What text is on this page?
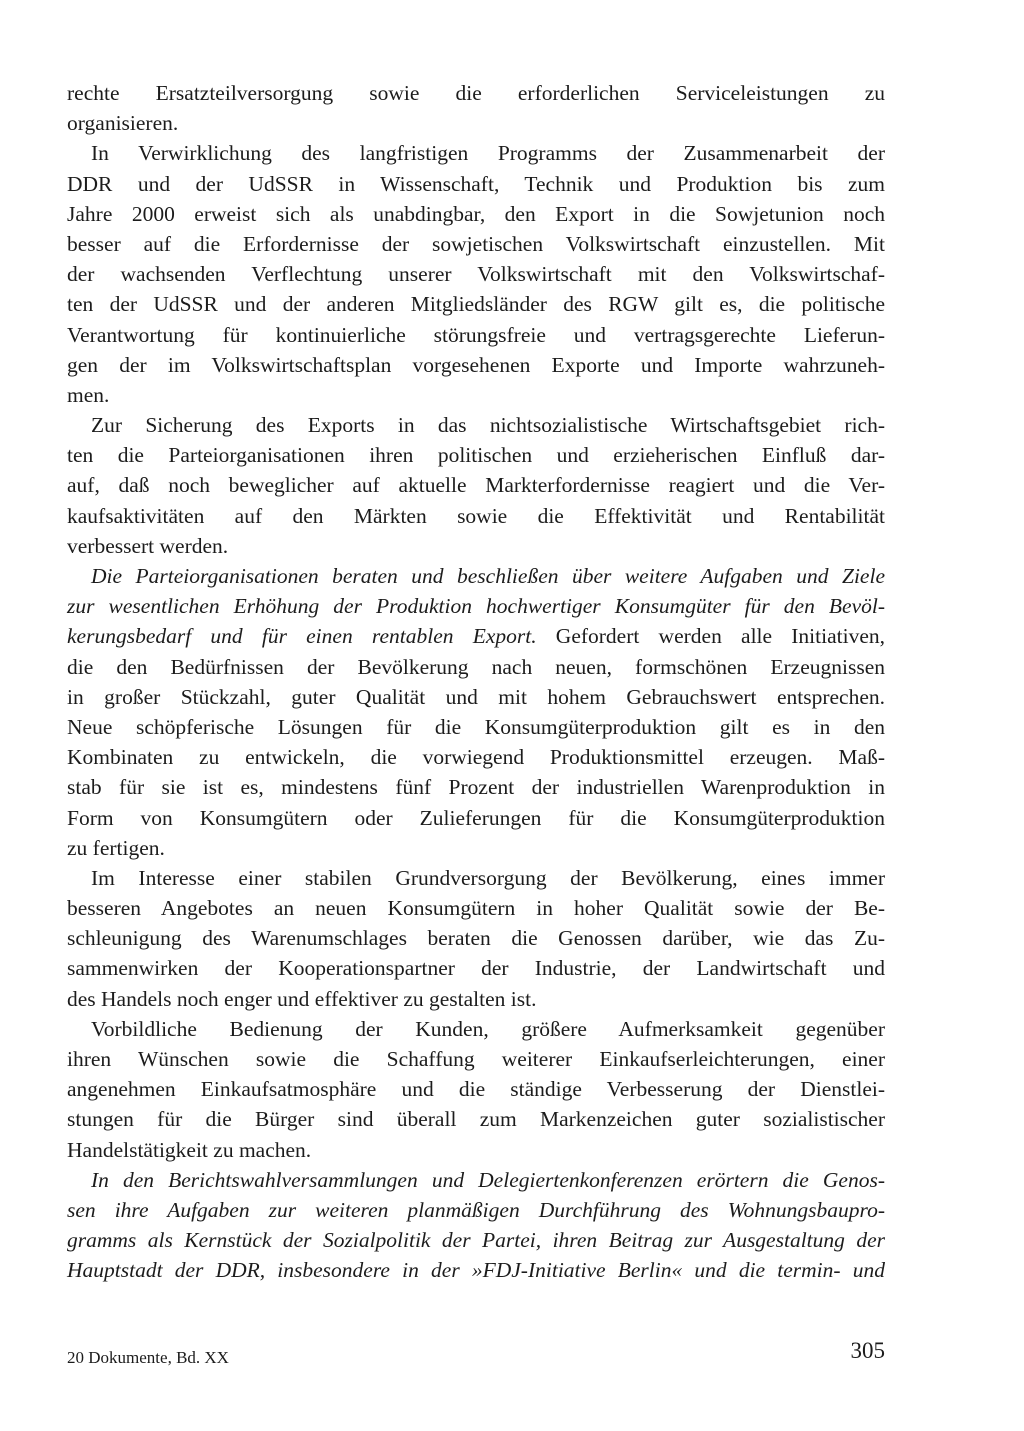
rechte Ersatzteilversorgung sowie die erforderlichen Serviceleistungen zu
organisieren.
In Verwirklichung des langfristigen Programms der Zusammenarbeit der
DDR und der UdSSR in Wissenschaft, Technik und Produktion bis zum
Jahre 2000 erweist sich als unabdingbar, den Export in die Sowjetunion noch
besser auf die Erfordernisse der sowjetischen Volkswirtschaft einzustellen. Mit
der wachsenden Verflechtung unserer Volkswirtschaft mit den Volkswirtschaf-
ten der UdSSR und der anderen Mitgliedsländer des RGW gilt es, die politische
Verantwortung für kontinuierliche störungsfreie und vertragsgerechte Lieferun-
gen der im Volkswirtschaftsplan vorgesehenen Exporte und Importe wahrzuneh-
men.
Zur Sicherung des Exports in das nichtsozialistische Wirtschaftsgebiet rich-
ten die Parteiorganisationen ihren politischen und erzieherischen Einfluß dar-
auf, daß noch beweglicher auf aktuelle Markterfordernisse reagiert und die Ver-
kaufsaktivitäten auf den Märkten sowie die Effektivität und Rentabilität
verbessert werden.
Die Parteiorganisationen beraten und beschließen über weitere Aufgaben und Ziele
zur wesentlichen Erhöhung der Produktion hochwertiger Konsumgüter für den Bevöl-
kerungsbedarf und für einen rentablen Export. Gefordert werden alle Initiativen,
die den Bedürfnissen der Bevölkerung nach neuen, formschönen Erzeugnissen
in großer Stückzahl, guter Qualität und mit hohem Gebrauchswert entsprechen.
Neue schöpferische Lösungen für die Konsumgüterproduktion gilt es in den
Kombinaten zu entwickeln, die vorwiegend Produktionsmittel erzeugen. Maß-
stab für sie ist es, mindestens fünf Prozent der industriellen Warenproduktion in
Form von Konsumgütern oder Zulieferungen für die Konsumgüterproduktion
zu fertigen.
Im Interesse einer stabilen Grundversorgung der Bevölkerung, eines immer
besseren Angebotes an neuen Konsumgütern in hoher Qualität sowie der Be-
schleunigung des Warenumschlages beraten die Genossen darüber, wie das Zu-
sammenwirken der Kooperationspartner der Industrie, der Landwirtschaft und
des Handels noch enger und effektiver zu gestalten ist.
Vorbildliche Bedienung der Kunden, größere Aufmerksamkeit gegenüber
ihren Wünschen sowie die Schaffung weiterer Einkaufserleichterungen, einer
angenehmen Einkaufsatmosphäre und die ständige Verbesserung der Dienstlei-
stungen für die Bürger sind überall zum Markenzeichen guter sozialistischer
Handelstätigkeit zu machen.
In den Berichtswahlversammlungen und Delegiertenkonferenzen erörtern die Genos-
sen ihre Aufgaben zur weiteren planmäßigen Durchführung des Wohnungsbaupro-
gramms als Kernstück der Sozialpolitik der Partei, ihren Beitrag zur Ausgestaltung der
Hauptstadt der DDR, insbesondere in der »FDJ-Initiative Berlin« und die termin- und
20 Dokumente, Bd. XX	305
